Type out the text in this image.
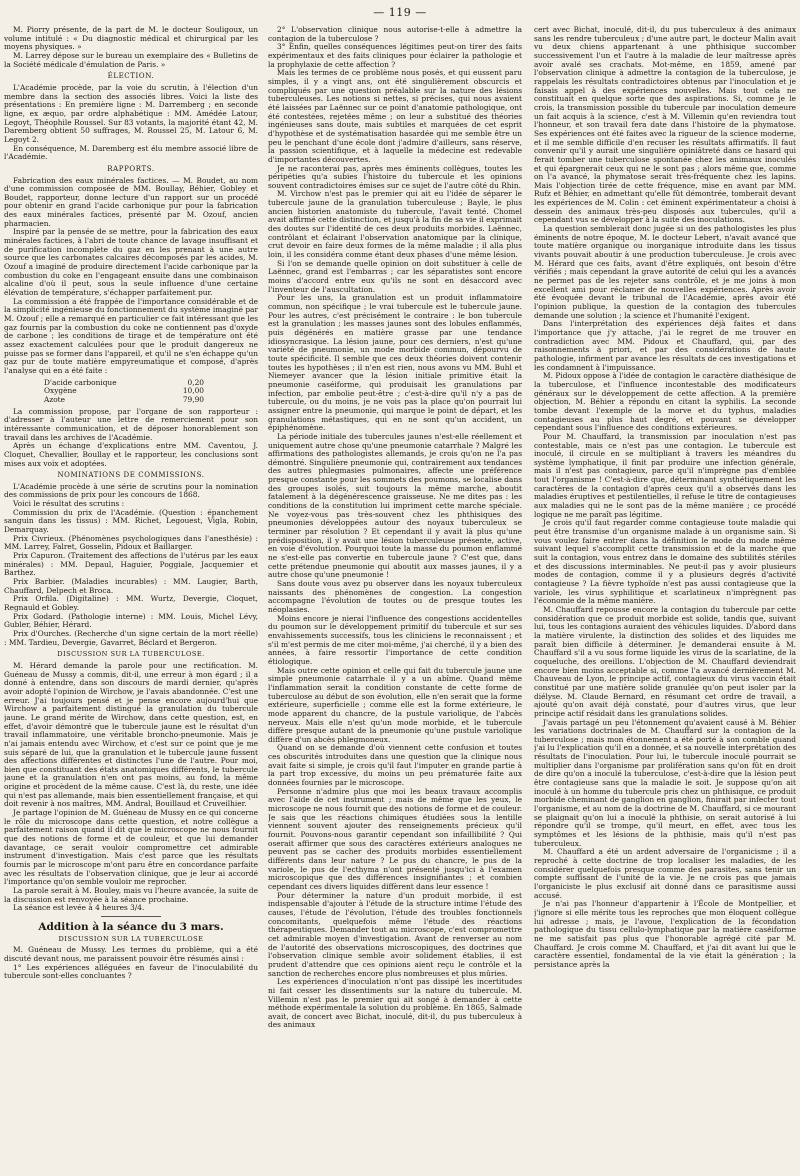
— 119 —

M. Piorry présente, de la part de M. le docteur Souligoux, un volume intitulé : « Du diagnostic médical et chirurgical par les moyens physiques. »

M. Larrey dépose sur le bureau un exemplaire des « Bulletins de la Société médicale d'émulation de Paris. »

ÉLECTION.

L'Académie procède, par la voie du scrutin, à l'élection d'un membre dans la section des associés libres. Voici la liste des présentations : En première ligne : M. Darremberg ; en seconde ligne, ex æquo, par ordre alphabétique : MM. Amédée Latour, Legoyt, Théophile Roussel. Sur 83 votants, la majorité étant 42, M. Daremberg obtient 50 suffrages, M. Roussel 25, M. Latour 6, M. Legoyt 2.

En conséquence, M. Daremberg est élu membre associé libre de l'Académie.

RAPPORTS.

Fabrication des eaux minérales factices. — M. Boudet, au nom d'une commission composée de MM. Boullay, Béhier, Gobley et Boudet, rapporteur, donne lecture d'un rapport sur un procédé pour obtenir en grand l'acide carbonique pur pour la fabrication des eaux minérales factices, présenté par M. Ozouf, ancien pharmacien.

Inspiré par la pensée de se mettre, pour la fabrication des eaux minérales factices, à l'abri de toute chance de lavage insuffisant et de purification incomplète du gaz en les prenant à une autre source que les carbonates calcaires décomposés par les acides, M. Ozouf a imaginé de produire directement l'acide carbonique par la combustion du coke en l'engageant ensuite dans une combinaison alcaline d'où il peut, sous la seule influence d'une certaine élévation de température, s'échapper parfaitement pur.

La commission a été frappée de l'importance considérable et de la simplicité ingénieuse du fonctionnement du système imaginé par M. Ozouf ; elle a remarqué en particulier ce fait intéressant que les gaz fournis par la combustion du coke ne contiennent pas d'oxyde de carbone ; les conditions de tirage et de température ont été assez exactement calculées pour que le produit dangereux ne puisse pas se former dans l'appareil, et qu'il ne s'en échappe qu'un gaz pur de toute matière empyreumatique et composé, d'après l'analyse qui en a été faite :

D'acide carbonique	0,20
Oxygène	10,00
Azote	79,90

La commission propose, par l'organe de son rapporteur : d'adresser à l'auteur une lettre de remerciement pour son intéressante communication, et de déposer honorablement son travail dans les archives de l'Académie.

Après un échange d'explications entre MM. Caventou, J. Cloquet, Chevallier, Boullay et le rapporteur, les conclusions sont mises aux voix et adoptées.

NOMINATIONS DE COMMISSIONS.

L'Académie procède à une série de scrutins pour la nomination des commissions de prix pour les concours de 1868.

Voici le résultat des scrutins :

Commission du prix de l'Académie. (Question : épanchement sanguin dans les tissus) : MM. Richet, Legouest, Vigla, Robin, Demarquay.

Prix Civrieux. (Phénomènes psychologiques dans l'anesthésie) : MM. Larrey, Falret, Gosselin, Pidoux et Baillarger.

Prix Capuron. (Traitement des affections de l'utérus par les eaux minérales) : MM. Depaul, Haguier, Poggiale, Jacquemier et Barthez.

Prix Barbier. (Maladies incurables) : MM. Laugier, Barth, Chauffard, Delpech et Broca.

Prix Orfila. (Digitaline) : MM. Wurtz, Devergie, Cloquet, Regnauld et Gobley.

Prix Godard. (Pathologie interne) : MM. Louis, Michel Lévy, Gubler, Béhier, Hérard.

Prix d'Ourches. (Recherche d'un signe certain de la mort réelle) : MM. Tardieu, Devergie, Gavarret, Béclard et Bergeron.

DISCUSSION SUR LA TUBERCULOSE.

M. Hérard demande la parole pour une rectification. M. Guéneau de Mussy a commis, dit-il, une erreur à mon égard ; il a donné à entendre, dans son discours de mardi dernier, qu'après avoir adopté l'opinion de Wirchow, je l'avais abandonnée. C'est une erreur. J'ai toujours pensé et je pense encore aujourd'hui que Wirchow a parfaitement distingué la granulation du tubercule jaune. Le grand mérite de Wirchow, dans cette question, est, en effet, d'avoir démontré que le tubercule jaune est le résultat d'un travail inflammatoire, une véritable broncho-pneumonie. Mais je n'ai jamais entendu avec Wirchow, et c'est sur ce point que je me suis séparé de lui, que la granulation et le tubercule jaune fussent des affections différentes et distinctes l'une de l'autre. Pour moi, bien que constituant des états anatomiques différents, le tubercule jaune et la granulation n'en ont pas moins, au fond, la même origine et procèdent de la même cause. C'est là, du reste, une idée qui n'est pas allemande, mais bien essentiellement française, et qui doit revenir à nos maîtres, MM. Andral, Bouillaud et Cruveilhier.

Je partage l'opinion de M. Guéneau de Mussy en ce qui concerne le rôle du microscope dans cette question, et notre collègue a parfaitement raison quand il dit que le microscope ne nous fournit que des notions de forme et de couleur, et que lui demander davantage, ce serait vouloir compromettre cet admirable instrument d'investigation. Mais c'est parce que les résultats fournis par le microscope m'ont paru être en concordance parfaite avec les résultats de l'observation clinique, que je leur ai accordé l'importance qu'on semble vouloir me reprocher.

La parole serait à M. Bouley, mais vu l'heure avancée, la suite de la discussion est renvoyée à la séance prochaine.

La séance est levée à 4 heures 3/4.

Addition à la séance du 3 mars.

DISCUSSION SUR LA TUBERCULOSE

M. Guéneau de Mussy. Les termes du problème, qui a été discuté devant nous, me paraissent pouvoir être résumés ainsi :

1° Les expériences alléguées en faveur de l'inoculabilité du tubercule sont-elles concluantes ?

2° L'observation clinique nous autorise-t-elle à admettre la contagion de la tuberculose ?

3° Enfin, quelles conséquences légitimes peut-on tirer des faits expérimentaux et des faits cliniques pour éclairer la pathologie et la prophylaxie de cette affection ?

Mais les termes de ce problème nous posés, et qui eussent paru simples, il y a vingt ans, ont été singulièrement obscurcis et compliqués par une question préalable sur la nature des lésions tuberculeuses. Les notions si nettes, si précises, qui nous avaient été laissées par Laënnec sur ce point d'anatomie pathologique, ont été contestées, rejetées même ; on leur a substitué des théories ingénieuses sans doute, mais subtiles et marquées de cet esprit d'hypothèse et de systématisation hasardée qui me semble être un peu le penchant d'une école dont j'admire d'ailleurs, sans réserve, la passion scientifique, et à laquelle la médecine est redevable d'importantes découvertes.

Je ne raconterai pas, après mes éminents collègues, toutes les péripéties qu'a subies l'histoire du tubercule et les opinions souvent contradictoires émises sur ce sujet de l'autre côté du Rhin.

M. Virchow n'est pas le premier qui ait eu l'idée de séparer le tubercule jaune de la granulation tuberculeuse ; Bayle, le plus ancien historien anatomiste du tubercule, l'avait tenté. Chomel avait affirmé cette distinction, et jusqu'à la fin de sa vie il exprimait des doutes sur l'identité de ces deux produits morbides. Laënnec, contrôlant et éclairant l'observation anatomique par la clinique, crut devoir en faire deux formes de la même maladie ; il alla plus loin, il les considéra comme étant deux phases d'une même lésion.

Si l'on se demande quelle opinion on doit substituer à celle de Laënnec, grand est l'embarras ; car les séparatistes sont encore moins d'accord entre eux qu'ils ne sont en désaccord avec l'inventeur de l'auscultation.

Pour les uns, la granulation est un produit inflammatoire commun, non spécifique ; le vrai tubercule est le tubercule jaune. Pour les autres, c'est précisément le contraire : le bon tubercule est la granulation ; les masses jaunes sont des lobules enflammés, puis dégénérés en matière grasse par une tendance idiosyncrasique. La lésion jaune, pour ces derniers, n'est qu'une variété de pneumonie, un mode morbide commun, dépourvu de toute spécificité. Il semble que ces deux théories doivent contenir toutes les hypothèses ; il n'en est rien, nous avons vu MM. Buhl et Niemeyer avancer que la lésion initiale primitive était la pneumonie caséiforme, qui produisait les granulations par infection, par embolie peut-être ; c'est-à-dire qu'il n'y a pas de tubercule, ou du moins, je ne vois pas la place qu'on pourrait lui assigner entre la pneumonie, qui marque le point de départ, et les granulations métastiques, qui en ne sont qu'un accident, un épiphénomène.

La période initiale des tubercules jaunes n'est-elle réellement et uniquement autre chose qu'une pneumonie catarrhale ? Malgré les affirmations des pathologistes allemands, je crois qu'on ne l'a pas démontré. Singulière pneumonie qui, contrairement aux tendances des autres phlegmasies pulmonaires, affecte une préférence presque constante pour les sommets des poumons, se localise dans des groupes isolés, suit toujours la même marche, aboutit fatalement à la dégénérescence graisseuse. Ne me dites pas : les conditions de la constitution lui impriment cette marche spéciale. Ne voyez-vous pas très-souvent chez les phthisiques des pneumonies développées autour des noyaux tuberculeux se terminer par résolution ? Et cependant il y avait là plus qu'une prédisposition, il y avait une lésion tuberculeuse présente, active, en voie d'évolution. Pourquoi toute la masse du poumon enflammé ne s'est-elle pas convertie en tubercule jaune ? C'est que, dans cette prétendue pneumonie qui aboutit aux masses jaunes, il y a autre chose qu'une pneumonie !

Sans doute vous avez pu observer dans les noyaux tuberculeux naissants des phénomènes de congestion. La congestion accompagne l'évolution de toutes ou de presque toutes les néoplasies.

Moins encore je nierai l'influence des congestions accidentelles du poumon sur le développement primitif du tubercule et sur ses envahissements successifs, tous les cliniciens le reconnaissent ; et s'il m'est permis de me citer moi-même, j'ai cherché, il y a bien des années, à faire ressortir l'importance de cette condition étiologique.

Mais outre cette opinion et celle qui fait du tubercule jaune une simple pneumonie catarrhale il y a un abîme. Quand même l'inflammation serait la condition constante de cette forme de tuberculose au début de son évolution, elle n'en serait que la forme extérieure, superficielle ; comme elle est la forme extérieure, le mode apparent du chancre, de la pustule variolique, de l'abcès nerveux. Mais elle n'est qu'un mode morbide, et le tubercule diffère presque autant de la pneumonie qu'une pustule variolique diffère d'un abcès phlegmoneux.

Quand on se demande d'où viennent cette confusion et toutes ces obscurités introduites dans une question que la clinique nous avait faite si simple, je crois qu'il faut l'imputer en grande partie à la part trop excessive, du moins un peu prématurée faite aux données fournies par le microscope.

Personne n'admire plus que moi les beaux travaux accomplis avec l'aide de cet instrument ; mais de même que les yeux, le microscope ne nous fournit que des notions de forme et de couleur. Je sais que les réactions chimiques étudiées sous la lentille viennent souvent ajouter des renseignements précieux qu'il fournit. Pouvons-nous garantir cependant son infaillibilité ? Qui oserait affirmer que sous des caractères extérieurs analogues ne peuvent pas se cacher des produits morbides essentiellement différents dans leur nature ? Le pus du chancre, le pus de la variole, le pus de l'ecthyma n'ont présenté jusqu'ici à l'examen microscopique que des différences insignifiantes ; et combien cependant ces divers liquides diffèrent dans leur essence !

Pour déterminer la nature d'un produit morbide, il est indispensable d'ajouter à l'étude de la structure intime l'étude des causes, l'étude de l'évolution, l'étude des troubles fonctionnels concomitants, quelquefois même l'étude des réactions thérapeutiques. Demander tout au microscope, c'est compromettre cet admirable moyen d'investigation. Avant de renverser au nom de l'autorité des observations microscopiques, des doctrines que l'observation clinique semble avoir solidement établies, il est prudent d'attendre que ces opinions aient reçu le contrôle et la sanction de recherches encore plus nombreuses et plus mûries.

Les expériences d'inoculation n'ont pas dissipé les incertitudes ni fait cesser les dissentiments sur la nature du tubercule. M. Villemin n'est pas le premier qui ait songé à demander à cette méthode expérimentale la solution du problème. En 1865, Salmade avait, de concert avec Bichat, inoculé, dit-il, du pus tuberculeux à des animaux

cert avec Bichat, inoculé, dit-il, du pus tuberculeux à des animaux sans les rendre tuberculeux ; d'une autre part, le docteur Malin avait vu deux chiens appartenant à une phthisique succomber successivement l'un et l'autre à la maladie de leur maîtresse après avoir avalé ses crachats. Mot-même, en 1859, amené par l'observation clinique à admettre la contagion de la tuberculose, je rappelais les résultats contradictoires obtenus par l'inoculation et je faisais appel à des expériences nouvelles. Mais tout cela ne constituait en quelque sorte que des aspirations. Si, comme je le crois, la transmission possible du tubercule par inoculation demeure un fait acquis à la science, c'est à M. Villemin qu'en reviendra tout l'honneur, et son travail fera date dans l'histoire de la phymatose. Ses expériences ont été faites avec la rigueur de la science moderne, et il me semble difficile d'en recuser les résultats affirmatifs. Il faut convenir qu'il y aurait une singulière opiniâtreté dans ce hasard qui ferait tomber une tuberculose spontanée chez les animaux inoculés et qui épargnerait ceux qui ne le sont pas ; alors même que, comme on l'a avancé, la phymatose serait très-fréquente chez les lapins. Mais l'objection tirée de cette fréquence, mise en avant par MM. Rufz et Béhier, en admettant qu'elle fût démontrée, tomberait devant les expériences de M. Colin : cet éminent expérimentateur a choisi à dessein des animaux très-peu disposés aux tubercules, qu'il a cependant vus se développer à la suite des inoculations.

La question semblerait donc jugée si un des pathologistes les plus éminents de notre époque, M. le docteur Lebert, n'avait avancé que toute matière organique ou inorganique introduite dans les tissus vivants pouvait aboutir à une production tuberculeuse. Je crois avec M. Hérard que ces faits, avant d'être expliqués, ont besoin d'être vérifiés ; mais cependant la grave autorité de celui qui les a avancés ne permet pas de les rejeter sans contrôle, et je me joins à mon excellent ami pour réclamer de nouvelles expériences. Après avoir été évoquée devant le tribunal de l'Académie, après avoir été l'opinion publique, la question de la contagion des tubercules demande une solution ; la science et l'humanité l'exigent.

Dans l'interprétation des expériences déjà faites et dans l'importance que j'y attache, j'ai le regret de me trouver en contradiction avec MM. Pidoux et Chauffard, qui, par des raisonnements à priori, et par des considérations de haute pathologie, infirment par avance les résultats de ces investigations et les condamnent à l'impuissance.

M. Pidoux oppose à l'idée de contagion le caractère diathésique de la tuberculose, et l'influence incontestable des modificateurs généraux sur le développement de cette affection. A la première objection, M. Béhier a répondu en citant la syphilis. La seconde tombe devant l'exemple de la morve et du typhus, maladies contagieuses au plus haut degré, et pouvant se développer cependant sous l'influence des conditions extérieures.

Pour M. Chauffard, la transmission par inoculation n'est pas contestable, mais ce n'est pas une contagion. Le tubercule est inoculé, il circule en se multipliant à travers les méandres du système lymphatique, il finit par produire une infection générale, mais il n'est pas contagieux, parce qu'il n'imprègne pas d'emblée tout l'organisme ! C'est-à-dire que, déterminant synthétiquement les caractères de la contagion d'après ceux qu'il a observés dans les maladies éruptives et pestilentielles, il refuse le titre de contagieuses aux maladies qui ne le sont pas de la même manière ; ce procédé logique ne me paraît pas légitime.

Je crois qu'il faut regarder comme contagieuse toute maladie qui peut être transmise d'un organisme malade à un organisme sain. Si vous voulez faire entrer dans la définition le mode du mode même suivant lequel s'accomplit cette transmission et de la marche que suit la contagion, vous entrez dans le domaine des subtilités stériles et des discussions interminables. Ne peut-il pas y avoir plusieurs modes de contagion, comme il y a plusieurs degrés d'activité contagieuse ? La fièvre typhoïde n'est pas aussi contagieuse que la variole, les virus syphilitique et scarlatineux n'imprègnent pas l'économie de la même manière.

M. Chauffard repousse encore la contagion du tubercule par cette considération que ce produit morbide est solide, tandis que, suivant lui, tous les contagions auraient des véhicules liquides. D'abord dans la matière virulente, la distinction des solides et des liquides me paraît bien difficile à déterminer. Je demanderai ensuite à M. Chauffard s'il a vu sous forme liquide les virus de la scarlatine, de la coqueluche, des oreillons. L'objection de M. Chauffard deviendrait encore bien moins acceptable si, comme l'a avancé dernièrement M. Chauveau de Lyon, le principe actif, contagieux du virus vaccin était constitué par une matière solide granulée qu'on peut isoler par la diélyse. M. Claude Bernard, en résumant cet ordre de travail, a ajouté qu'on avait déjà constaté, pour d'autres virus, que leur principe actif résidait dans les granulations solides.

J'avais partagé un peu l'étonnement qu'avaient causé à M. Béhier les variations doctrinales de M. Chauffard sur la contagion de la tuberculose ; mais mon étonnement a été porté à son comble quand j'ai lu l'explication qu'il en a donnée, et sa nouvelle interprétation des résultats de l'inoculation. Pour lui, le tubercule inoculé pourrait se multiplier dans l'organisme par prolifération sans qu'on fût en droit de dire qu'on a inoculé la tuberculose, c'est-à-dire que la lésion peut être contagieuse sans que la maladie le soit. Je suppose qu'on ait inoculé à un homme du tubercule pris chez un phthisique, ce produit morbide cheminant de ganglion en ganglion, finirait par infecter tout l'organisme, et au nom de la doctrine de M. Chauffard, si ce mourant se plaignait qu'on lui a inoculé la phthisie, on serait autorisé à lui répondre qu'il se trompe, qu'il meurt, en effet, avec tous les symptômes et les lésions de la phthisie, mais qu'il n'est pas tuberculeux.

M. Chauffard a été un ardent adversaire de l'organicisme ; il a reproché à cette doctrine de trop localiser les maladies, de les considérer quelquefois presque comme des parasites, sans tenir un compte suffisant de l'unité de la vie. Je ne crois pas que jamais l'organiciste le plus exclusif ait donné dans ce parasitisme aussi accusé.

Je n'ai pas l'honneur d'appartenir à l'École de Montpellier, et j'ignore si elle mérite tous les reproches que mon éloquent collègue lui adresse ; mais, je l'avoue, l'explication de la fécondation pathologique du tissu cellulo-lymphatique par la matière caséiforme ne me satisfait pas plus que l'honorable agrégé cité par M. Chauffard. Je crois comme M. Chauffard, et j'ai dit avant lui que le caractère essentiel, fondamental de la vie était la génération ; la persistance après la
